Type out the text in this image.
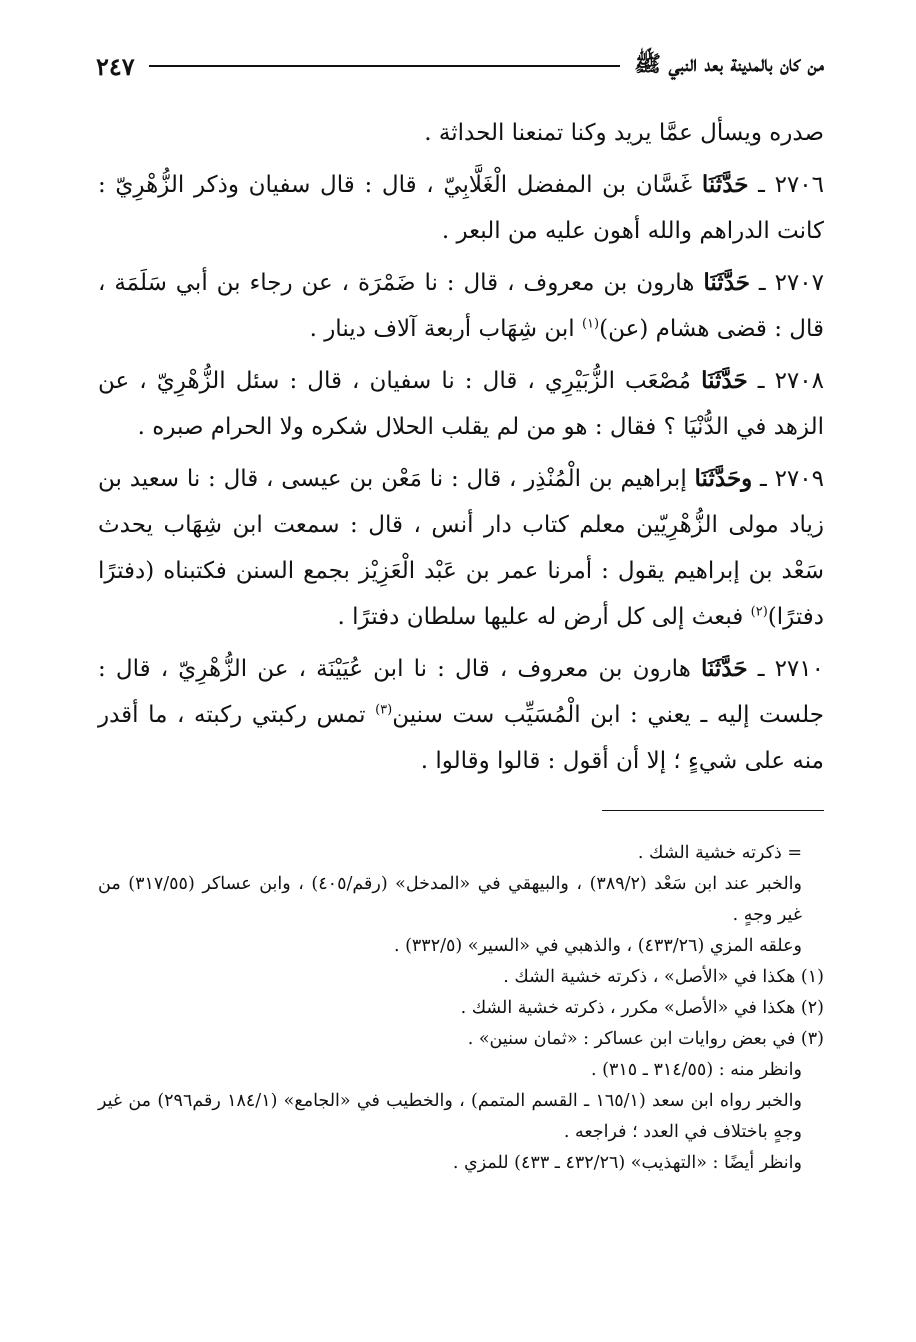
من كان بالمدينة بعد النبي ﷺ
٢٤٧

صدره ويسأل عمَّا يريد وكنا تمنعنا الحداثة .

٢٧٠٦ ـ حَدَّثَنَا غَسَّان بن المفضل الْغَلَّابِيّ ، قال : قال سفيان وذكر الزُّهْرِيّ : كانت الدراهم والله أهون عليه من البعر .

٢٧٠٧ ـ حَدَّثَنَا هارون بن معروف ، قال : نا ضَمْرَة ، عن رجاء بن أبي سَلَمَة ، قال : قضى هشام (عن)$^{(١)}$ ابن شِهَاب أربعة آلاف دينار .

٢٧٠٨ ـ حَدَّثَنَا مُصْعَب الزُّبَيْرِي ، قال : نا سفيان ، قال : سئل الزُّهْرِيّ ، عن الزهد في الدُّنْيَا ؟ فقال : هو من لم يقلب الحلال شكره ولا الحرام صبره .

٢٧٠٩ ـ وحَدَّثَنَا إبراهيم بن الْمُنْذِر ، قال : نا مَعْن بن عيسى ، قال : نا سعيد بن زياد مولى الزُّهْرِيّين معلم كتاب دار أنس ، قال : سمعت ابن شِهَاب يحدث سَعْد بن إبراهيم يقول : أمرنا عمر بن عَبْد الْعَزِيْز بجمع السنن فكتبناه (دفترًا دفترًا)$^{(٢)}$ فبعث إلى كل أرض له عليها سلطان دفترًا .

٢٧١٠ ـ حَدَّثَنَا هارون بن معروف ، قال : نا ابن عُيَيْنَة ، عن الزُّهْرِيّ ، قال : جلست إليه ـ يعني : ابن الْمُسَيِّب ست سنين$^{(٣)}$ تمس ركبتي ركبته ، ما أقدر منه على شيءٍ ؛ إلا أن أقول : قالوا وقالوا .

= ذكرته خشية الشك .

والخبر عند ابن سَعْد (٣٨٩/٢) ، والبيهقي في «المدخل» (رقم/٤٠٥) ، وابن عساكر (٣١٧/٥٥) من غير وجهٍ .

وعلقه المزي (٤٣٣/٢٦) ، والذهبي في «السير» (٣٣٢/٥) .

(١) هكذا في «الأصل» ، ذكرته خشية الشك .

(٢) هكذا في «الأصل» مكرر ، ذكرته خشية الشك .

(٣) في بعض روايات ابن عساكر : «ثمان سنين» .

وانظر منه : (٣١٤/٥٥ ـ ٣١٥) .

والخبر رواه ابن سعد (١٦٥/١ ـ القسم المتمم) ، والخطيب في «الجامع» (١٨٤/١ رقم٢٩٦) من غير وجهٍ باختلاف في العدد ؛ فراجعه .

وانظر أيضًا : «التهذيب» (٤٣٢/٢٦ ـ ٤٣٣) للمزي .
